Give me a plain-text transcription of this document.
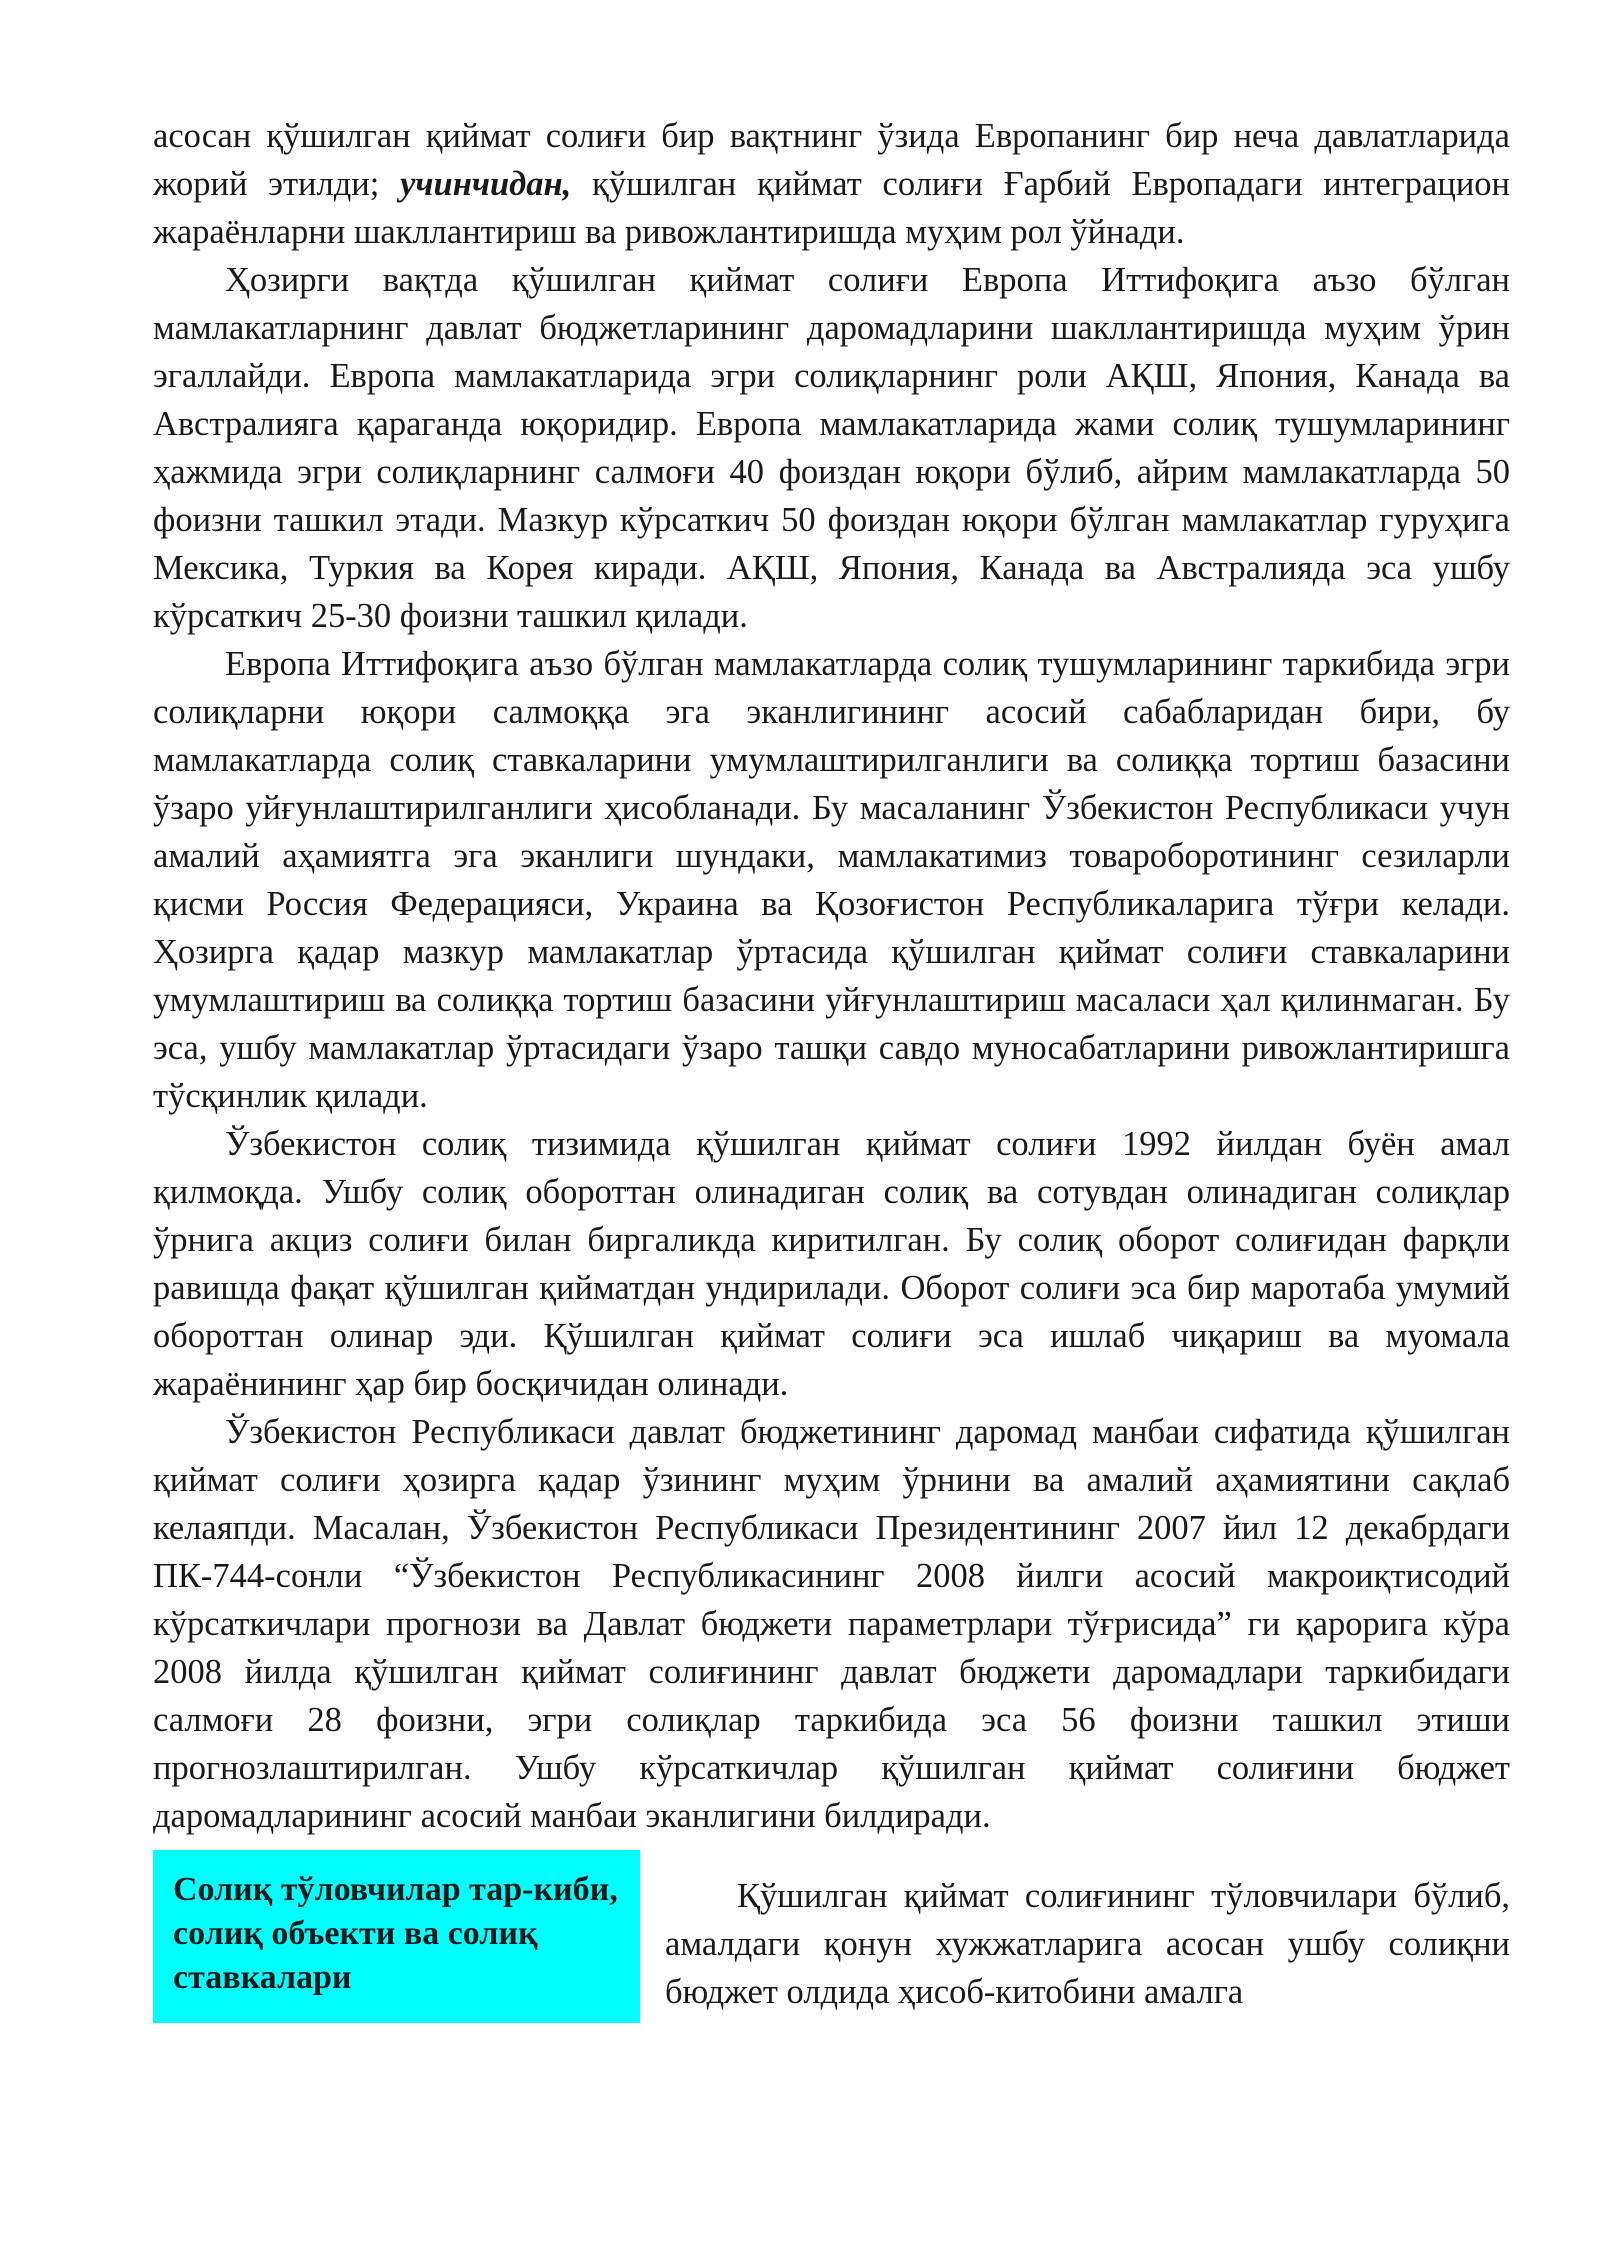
асосан қўшилган қиймат солиғи бир вақтнинг ўзида Европанинг бир неча давлатларида жорий этилди; учинчидан, қўшилган қиймат солиғи Ғарбий Европадаги интеграцион жараёнларни шакллантириш ва ривожлантиришда муҳим рол ўйнади.

Ҳозирги вақтда қўшилган қиймат солиғи Европа Иттифоқига аъзо бўлган мамлакатларнинг давлат бюджетларининг даромадларини шакллантиришда муҳим ўрин эгаллайди. Европа мамлакатларида эгри солиқларнинг роли АҚШ, Япония, Канада ва Австралияга қараганда юқоридир. Европа мамлакатларида жами солиқ тушумларининг ҳажмида эгри солиқларнинг салмоғи 40 фоиздан юқори бўлиб, айрим мамлакатларда 50 фоизни ташкил этади. Мазкур кўрсаткич 50 фоиздан юқори бўлган мамлакатлар гуруҳига Мексика, Туркия ва Корея киради. АҚШ, Япония, Канада ва Австралияда эса ушбу кўрсаткич 25-30 фоизни ташкил қилади.

Европа Иттифоқига аъзо бўлган мамлакатларда солиқ тушумларининг таркибида эгри солиқларни юқори салмоққа эга эканлигининг асосий сабабларидан бири, бу мамлакатларда солиқ ставкаларини умумлаштирилганлиги ва солиққа тортиш базасини ўзаро уйғунлаштирилганлиги ҳисобланади. Бу масаланинг Ўзбекистон Республикаси учун амалий аҳамиятга эга эканлиги шундаки, мамлакатимиз товароборотининг сезиларли қисми Россия Федерацияси, Украина ва Қозоғистон Республикаларига тўғри келади. Ҳозирга қадар мазкур мамлакатлар ўртасида қўшилган қиймат солиғи ставкаларини умумлаштириш ва солиққа тортиш базасини уйғунлаштириш масаласи ҳал қилинмаган. Бу эса, ушбу мамлакатлар ўртасидаги ўзаро ташқи савдо муносабатларини ривожлантиришга тўсқинлик қилади.

Ўзбекистон солиқ тизимида қўшилган қиймат солиғи 1992 йилдан буён амал қилмоқда. Ушбу солиқ обороттан олинадиган солиқ ва сотувдан олинадиган солиқлар ўрнига акциз солиғи билан биргаликда киритилган. Бу солиқ оборот солиғидан фарқли равишда фақат қўшилган қийматдан ундирилади. Оборот солиғи эса бир маротаба умумий обороттан олинар эди. Қўшилган қиймат солиғи эса ишлаб чиқариш ва муомала жараёнининг ҳар бир босқичидан олинади.

Ўзбекистон Республикаси давлат бюджетининг даромад манбаи сифатида қўшилган қиймат солиғи ҳозирга қадар ўзининг муҳим ўрнини ва амалий аҳамиятини сақлаб келаяпди. Масалан, Ўзбекистон Республикаси Президентининг 2007 йил 12 декабрдаги ПК-744-сонли “Ўзбекистон Республикасининг 2008 йилги асосий макроиқтисодий кўрсаткичлари прогнози ва Давлат бюджети параметрлари тўғрисида” ги қарорига кўра 2008 йилда қўшилган қиймат солиғининг давлат бюджети даромадлари таркибидаги салмоғи 28 фоизни, эгри солиқлар таркибида эса 56 фоизни ташкил этиши прогнозлаштирилган. Ушбу кўрсаткичлар қўшилган қиймат солиғини бюджет даромадларининг асосий манбаи эканлигини билдиради.

Солиқ тўловчилар тар-киби, солиқ объекти ва солиқ ставкалари

Қўшилган қиймат солиғининг тўловчилари бўлиб, амалдаги қонун хужжатларига асосан ушбу солиқни бюджет олдида ҳисоб-китобини амалга
